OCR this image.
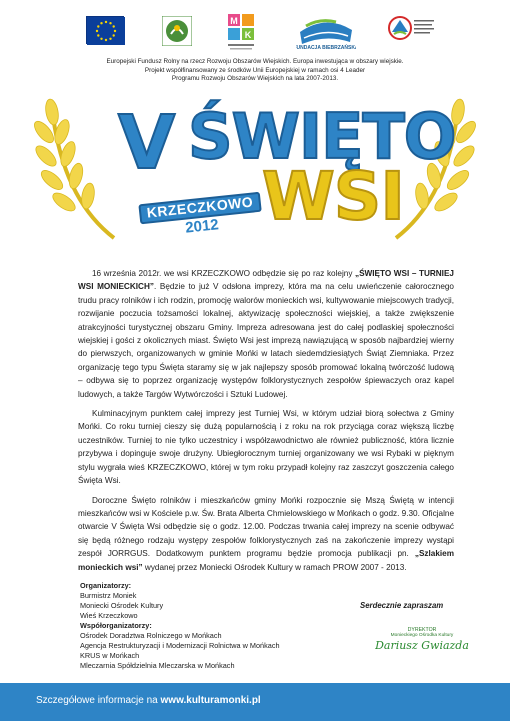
M
K
FUNDACJA BIEBRZAŃSKA
Europejski Fundusz Rolny na rzecz Rozwoju Obszarów Wiejskich. Europa inwestująca w obszary wiejskie.
Projekt współfinansowany ze środków Unii Europejskiej w ramach osi 4 Leader
Programu Rozwoju Obszarów Wiejskich na lata 2007-2013.
V ŚWIĘTO
WSI
KRZECZKOWO
2012

16 września 2012r. we wsi KRZECZKOWO odbędzie się po raz kolejny „ŚWIĘTO WSI – TURNIEJ WSI MONIECKICH”. Będzie to już V odsłona imprezy, która ma na celu uwieńczenie całorocznego trudu pracy rolników i ich rodzin, promocję walorów monieckich wsi, kultywowanie miejscowych tradycji, rozwijanie poczucia tożsamości lokalnej, aktywizację społeczności wiejskiej, a także zwiększenie atrakcyjności turystycznej obszaru Gminy. Impreza adresowana jest do całej podlaskiej społeczności wiejskiej i gości z okolicznych miast. Święto Wsi jest imprezą nawiązującą w sposób najbardziej wierny do pierwszych, organizowanych w gminie Mońki w latach siedemdziesiątych Świąt Ziemniaka. Przez organizację tego typu Święta staramy się w jak najlepszy sposób promować lokalną twórczość ludową – odbywa się to poprzez organizację występów folklorystycznych zespołów śpiewaczych oraz kapel ludowych, a także Targów Wytwórczości i Sztuki Ludowej.

Kulminacyjnym punktem całej imprezy jest Turniej Wsi, w którym udział biorą sołectwa z Gminy Mońki. Co roku turniej cieszy się dużą popularnością i z roku na rok przyciąga coraz większą liczbę uczestników. Turniej to nie tylko uczestnicy i współzawodnictwo ale również publiczność, która licznie przybywa i dopinguje swoje drużyny. Ubiegłorocznym turniej organizowany we wsi Rybaki w pięknym stylu wygrała wieś KRZECZKOWO, której w tym roku przypadł kolejny raz zaszczyt goszczenia całego Święta Wsi.

Doroczne Święto rolników i mieszkańców gminy Mońki rozpocznie się Mszą Świętą w intencji mieszkańców wsi w Kościele p.w. Św. Brata Alberta Chmielowskiego w Mońkach o godz. 9.30. Oficjalne otwarcie V Święta Wsi odbędzie się o godz. 12.00. Podczas trwania całej imprezy na scenie odbywać się będą różnego rodzaju występy zespołów folklorystycznych zaś na zakończenie imprezy wystąpi zespół JORRGUS. Dodatkowym punktem programu będzie promocja publikacji pn. „Szlakiem monieckich wsi” wydanej przez Moniecki Ośrodek Kultury w ramach PROW 2007 - 2013.

Organizatorzy:
Burmistrz Moniek
Moniecki Ośrodek Kultury
Wieś Krzeczkowo
Współorganizatorzy:
Ośrodek Doradztwa Rolniczego w Mońkach
Agencja Restrukturyzacji i Modernizacji Rolnictwa w Mońkach
KRUS w Mońkach
Mleczarnia Spółdzielnia Mleczarska w Mońkach
Serdecznie zapraszam
DYREKTOR
Monieckiego Ośrodka Kultury
Dariusz Gwiazda
Szczegółowe informacje na www.kulturamonki.pl
